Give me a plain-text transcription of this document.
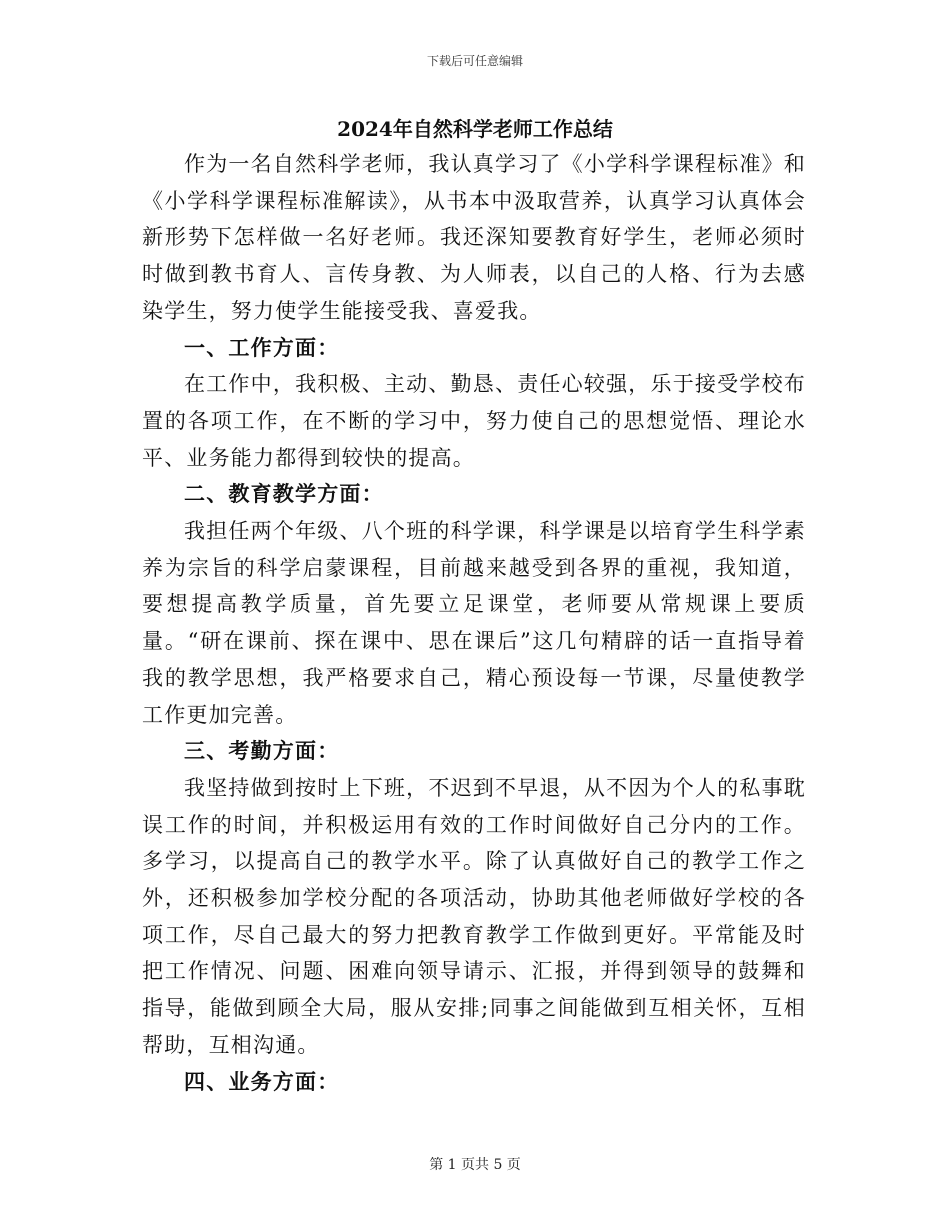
下载后可任意编辑
2024年自然科学老师工作总结

作为一名自然科学老师，我认真学习了《小学科学课程标准》和《小学科学课程标准解读》，从书本中汲取营养，认真学习认真体会新形势下怎样做一名好老师。我还深知要教育好学生，老师必须时时做到教书育人、言传身教、为人师表，以自己的人格、行为去感染学生，努力使学生能接受我、喜爱我。

一、工作方面：

在工作中，我积极、主动、勤恳、责任心较强，乐于接受学校布置的各项工作，在不断的学习中，努力使自己的思想觉悟、理论水平、业务能力都得到较快的提高。

二、教育教学方面：

我担任两个年级、八个班的科学课，科学课是以培育学生科学素养为宗旨的科学启蒙课程，目前越来越受到各界的重视，我知道，要想提高教学质量，首先要立足课堂，老师要从常规课上要质量。“研在课前、探在课中、思在课后”这几句精辟的话一直指导着我的教学思想，我严格要求自己，精心预设每一节课，尽量使教学工作更加完善。

三、考勤方面：

我坚持做到按时上下班，不迟到不早退，从不因为个人的私事耽误工作的时间，并积极运用有效的工作时间做好自己分内的工作。多学习，以提高自己的教学水平。除了认真做好自己的教学工作之外，还积极参加学校分配的各项活动，协助其他老师做好学校的各项工作，尽自己最大的努力把教育教学工作做到更好。平常能及时把工作情况、问题、困难向领导请示、汇报，并得到领导的鼓舞和指导，能做到顾全大局，服从安排;同事之间能做到互相关怀，互相帮助，互相沟通。

四、业务方面：

第 1 页共 5 页
